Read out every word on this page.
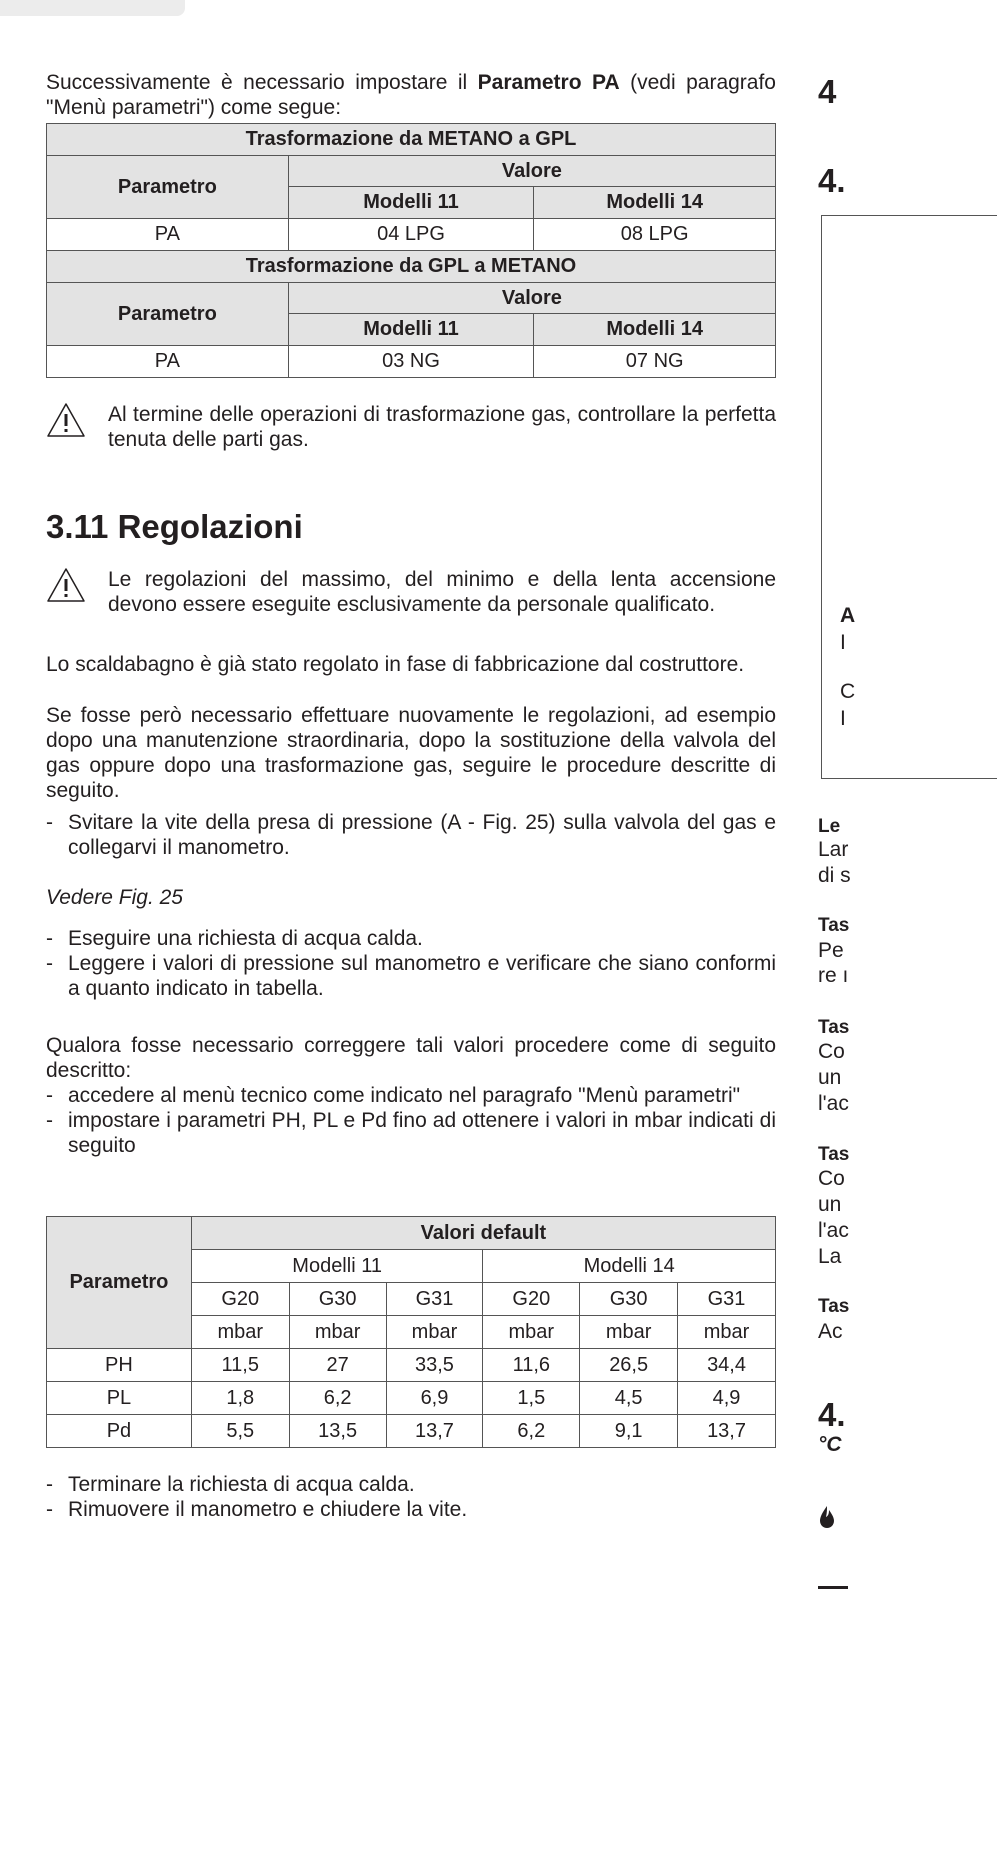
Successivamente è necessario impostare il Parametro PA (vedi paragrafo "Menù parametri") come segue:

Trasformazione da METANO a GPL		
Parametro	Valore	
	Modelli 11	Modelli 14
PA	04 LPG	08 LPG
Trasformazione da GPL a METANO		
Parametro	Valore	
	Modelli 11	Modelli 14
PA	03 NG	07 NG

Al termine delle operazioni di trasformazione gas, controllare la perfetta tenuta delle parti gas.

3.11 Regolazioni

Le regolazioni del massimo, del minimo e della lenta accensione devono essere eseguite esclusivamente da personale qualificato.

Lo scaldabagno è già stato regolato in fase di fabbricazione dal costruttore.

Se fosse però necessario effettuare nuovamente le regolazioni, ad esempio dopo una manutenzione straordinaria, dopo la sostituzione della valvola del gas oppure dopo una trasformazione gas, seguire le procedure descritte di seguito.

- Svitare la vite della presa di pressione (A - Fig. 25) sulla valvola del gas e collegarvi il manometro.

Vedere Fig. 25

- Eseguire una richiesta di acqua calda.
- Leggere i valori di pressione sul manometro e verificare che siano conformi a quanto indicato in tabella.

Qualora fosse necessario correggere tali valori procedere come di seguito descritto:

- accedere al menù tecnico come indicato nel paragrafo "Menù parametri"
- impostare i parametri PH, PL e Pd fino ad ottenere i valori in mbar indicati di seguito
Parametro	Valori default					
	Modelli 11			Modelli 14		
	G20	G30	G31	G20	G30	G31
	mbar	mbar	mbar	mbar	mbar	mbar
PH	11,5	27	33,5	11,6	26,5	34,4
PL	1,8	6,2	6,9	1,5	4,5	4,9
Pd	5,5	13,5	13,7	6,2	9,1	13,7
- Terminare la richiesta di acqua calda.
- Rimuovere il manometro e chiudere la vite.
4
4.
A
I
C
I
Le
Lar
di s
Tas
Pe
re ı
Tas
Co
un
l'ac
Tas
Co
un
l'ac
La
Tas
Ac
4.
°C
